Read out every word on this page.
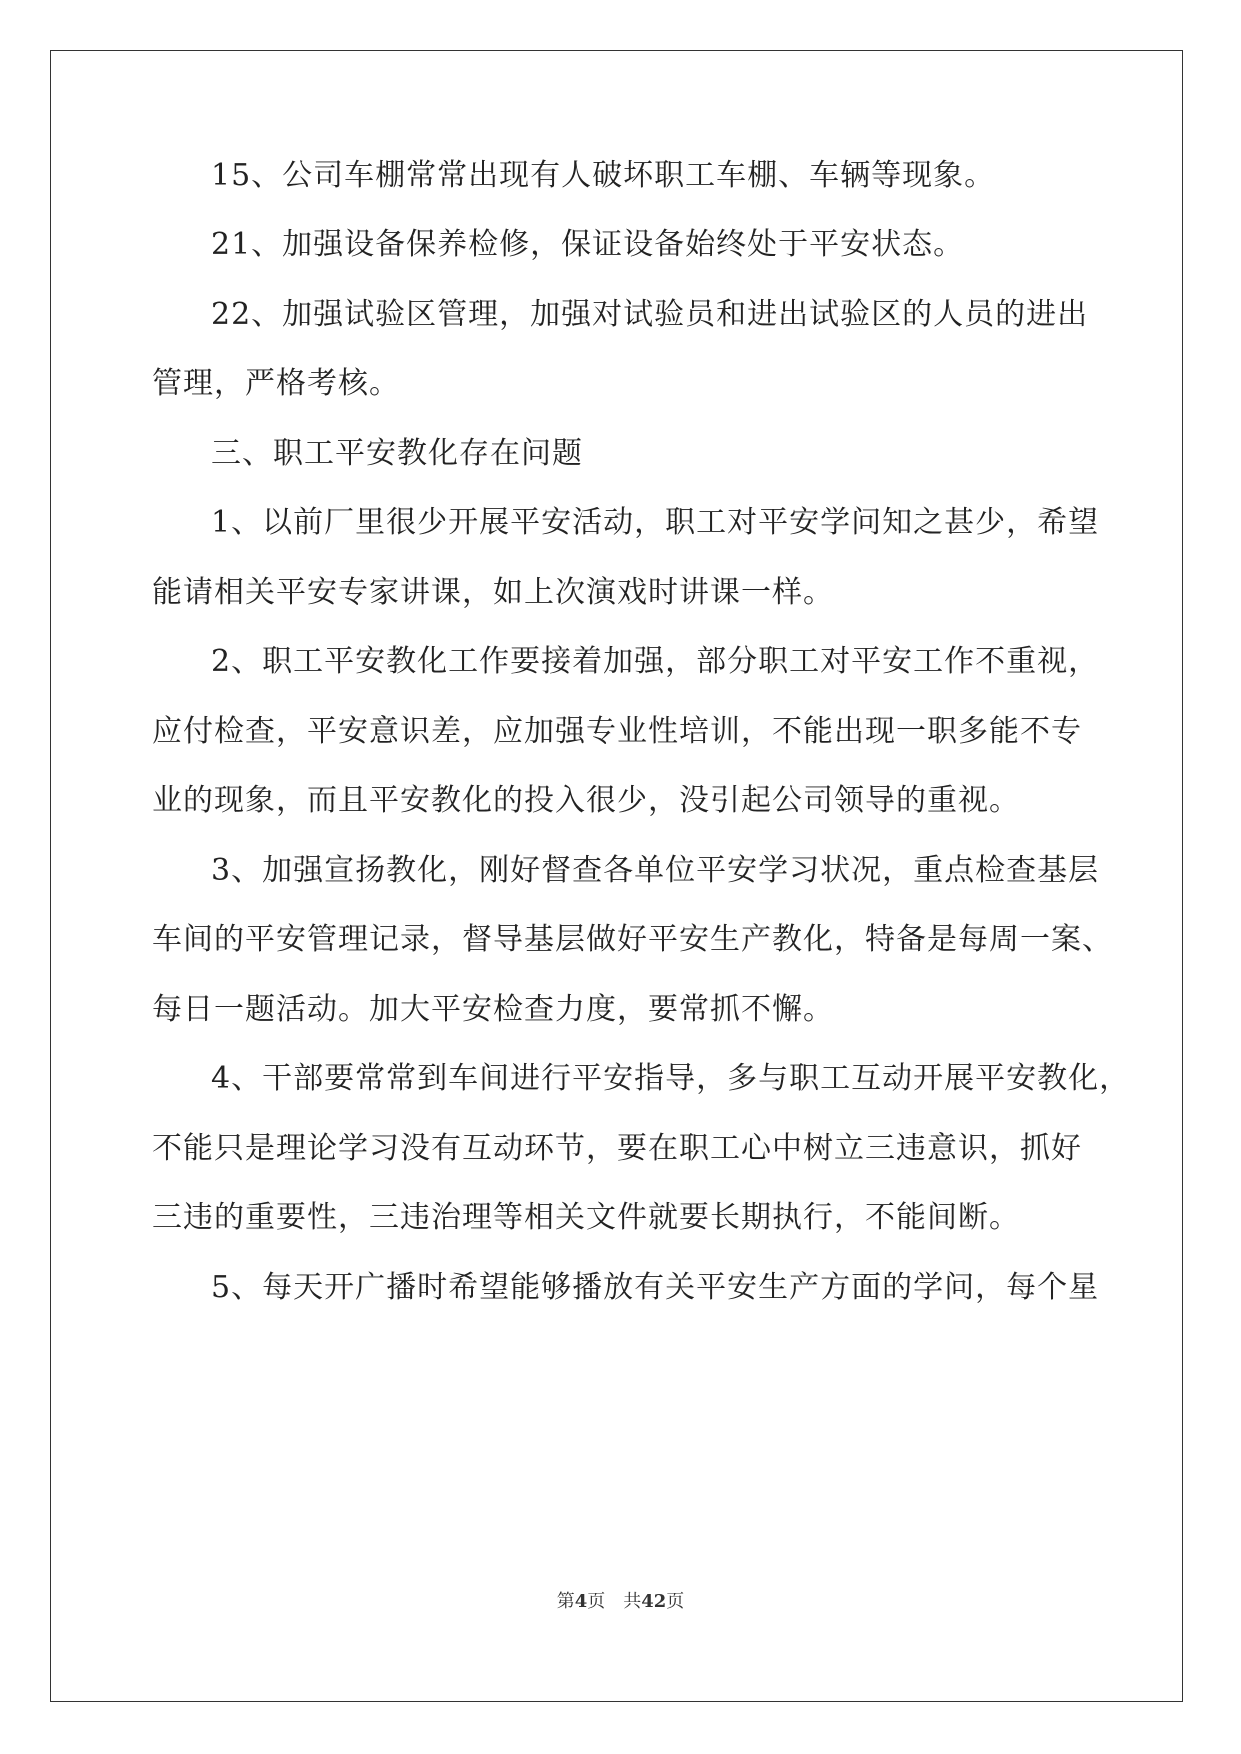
15、公司车棚常常出现有人破坏职工车棚、车辆等现象。
21、加强设备保养检修，保证设备始终处于平安状态。
22、加强试验区管理，加强对试验员和进出试验区的人员的进出
管理，严格考核。
三、职工平安教化存在问题
1、以前厂里很少开展平安活动，职工对平安学问知之甚少，希望
能请相关平安专家讲课，如上次演戏时讲课一样。
2、职工平安教化工作要接着加强，部分职工对平安工作不重视，
应付检查，平安意识差，应加强专业性培训，不能出现一职多能不专
业的现象，而且平安教化的投入很少，没引起公司领导的重视。
3、加强宣扬教化，刚好督查各单位平安学习状况，重点检查基层
车间的平安管理记录，督导基层做好平安生产教化，特备是每周一案、
每日一题活动。加大平安检查力度，要常抓不懈。
4、干部要常常到车间进行平安指导，多与职工互动开展平安教化，
不能只是理论学习没有互动环节，要在职工心中树立三违意识，抓好
三违的重要性，三违治理等相关文件就要长期执行，不能间断。
5、每天开广播时希望能够播放有关平安生产方面的学问，每个星
第4页　共42页
